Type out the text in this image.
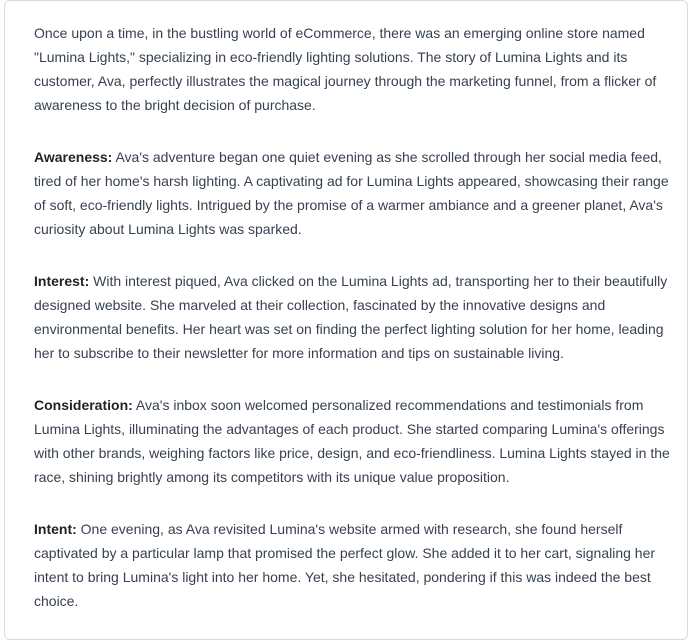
Once upon a time, in the bustling world of eCommerce, there was an emerging online store named "Lumina Lights," specializing in eco-friendly lighting solutions. The story of Lumina Lights and its customer, Ava, perfectly illustrates the magical journey through the marketing funnel, from a flicker of awareness to the bright decision of purchase.

Awareness: Ava's adventure began one quiet evening as she scrolled through her social media feed, tired of her home's harsh lighting. A captivating ad for Lumina Lights appeared, showcasing their range of soft, eco-friendly lights. Intrigued by the promise of a warmer ambiance and a greener planet, Ava's curiosity about Lumina Lights was sparked.

Interest: With interest piqued, Ava clicked on the Lumina Lights ad, transporting her to their beautifully designed website. She marveled at their collection, fascinated by the innovative designs and environmental benefits. Her heart was set on finding the perfect lighting solution for her home, leading her to subscribe to their newsletter for more information and tips on sustainable living.

Consideration: Ava's inbox soon welcomed personalized recommendations and testimonials from Lumina Lights, illuminating the advantages of each product. She started comparing Lumina's offerings with other brands, weighing factors like price, design, and eco-friendliness. Lumina Lights stayed in the race, shining brightly among its competitors with its unique value proposition.

Intent: One evening, as Ava revisited Lumina's website armed with research, she found herself captivated by a particular lamp that promised the perfect glow. She added it to her cart, signaling her intent to bring Lumina's light into her home. Yet, she hesitated, pondering if this was indeed the best choice.
